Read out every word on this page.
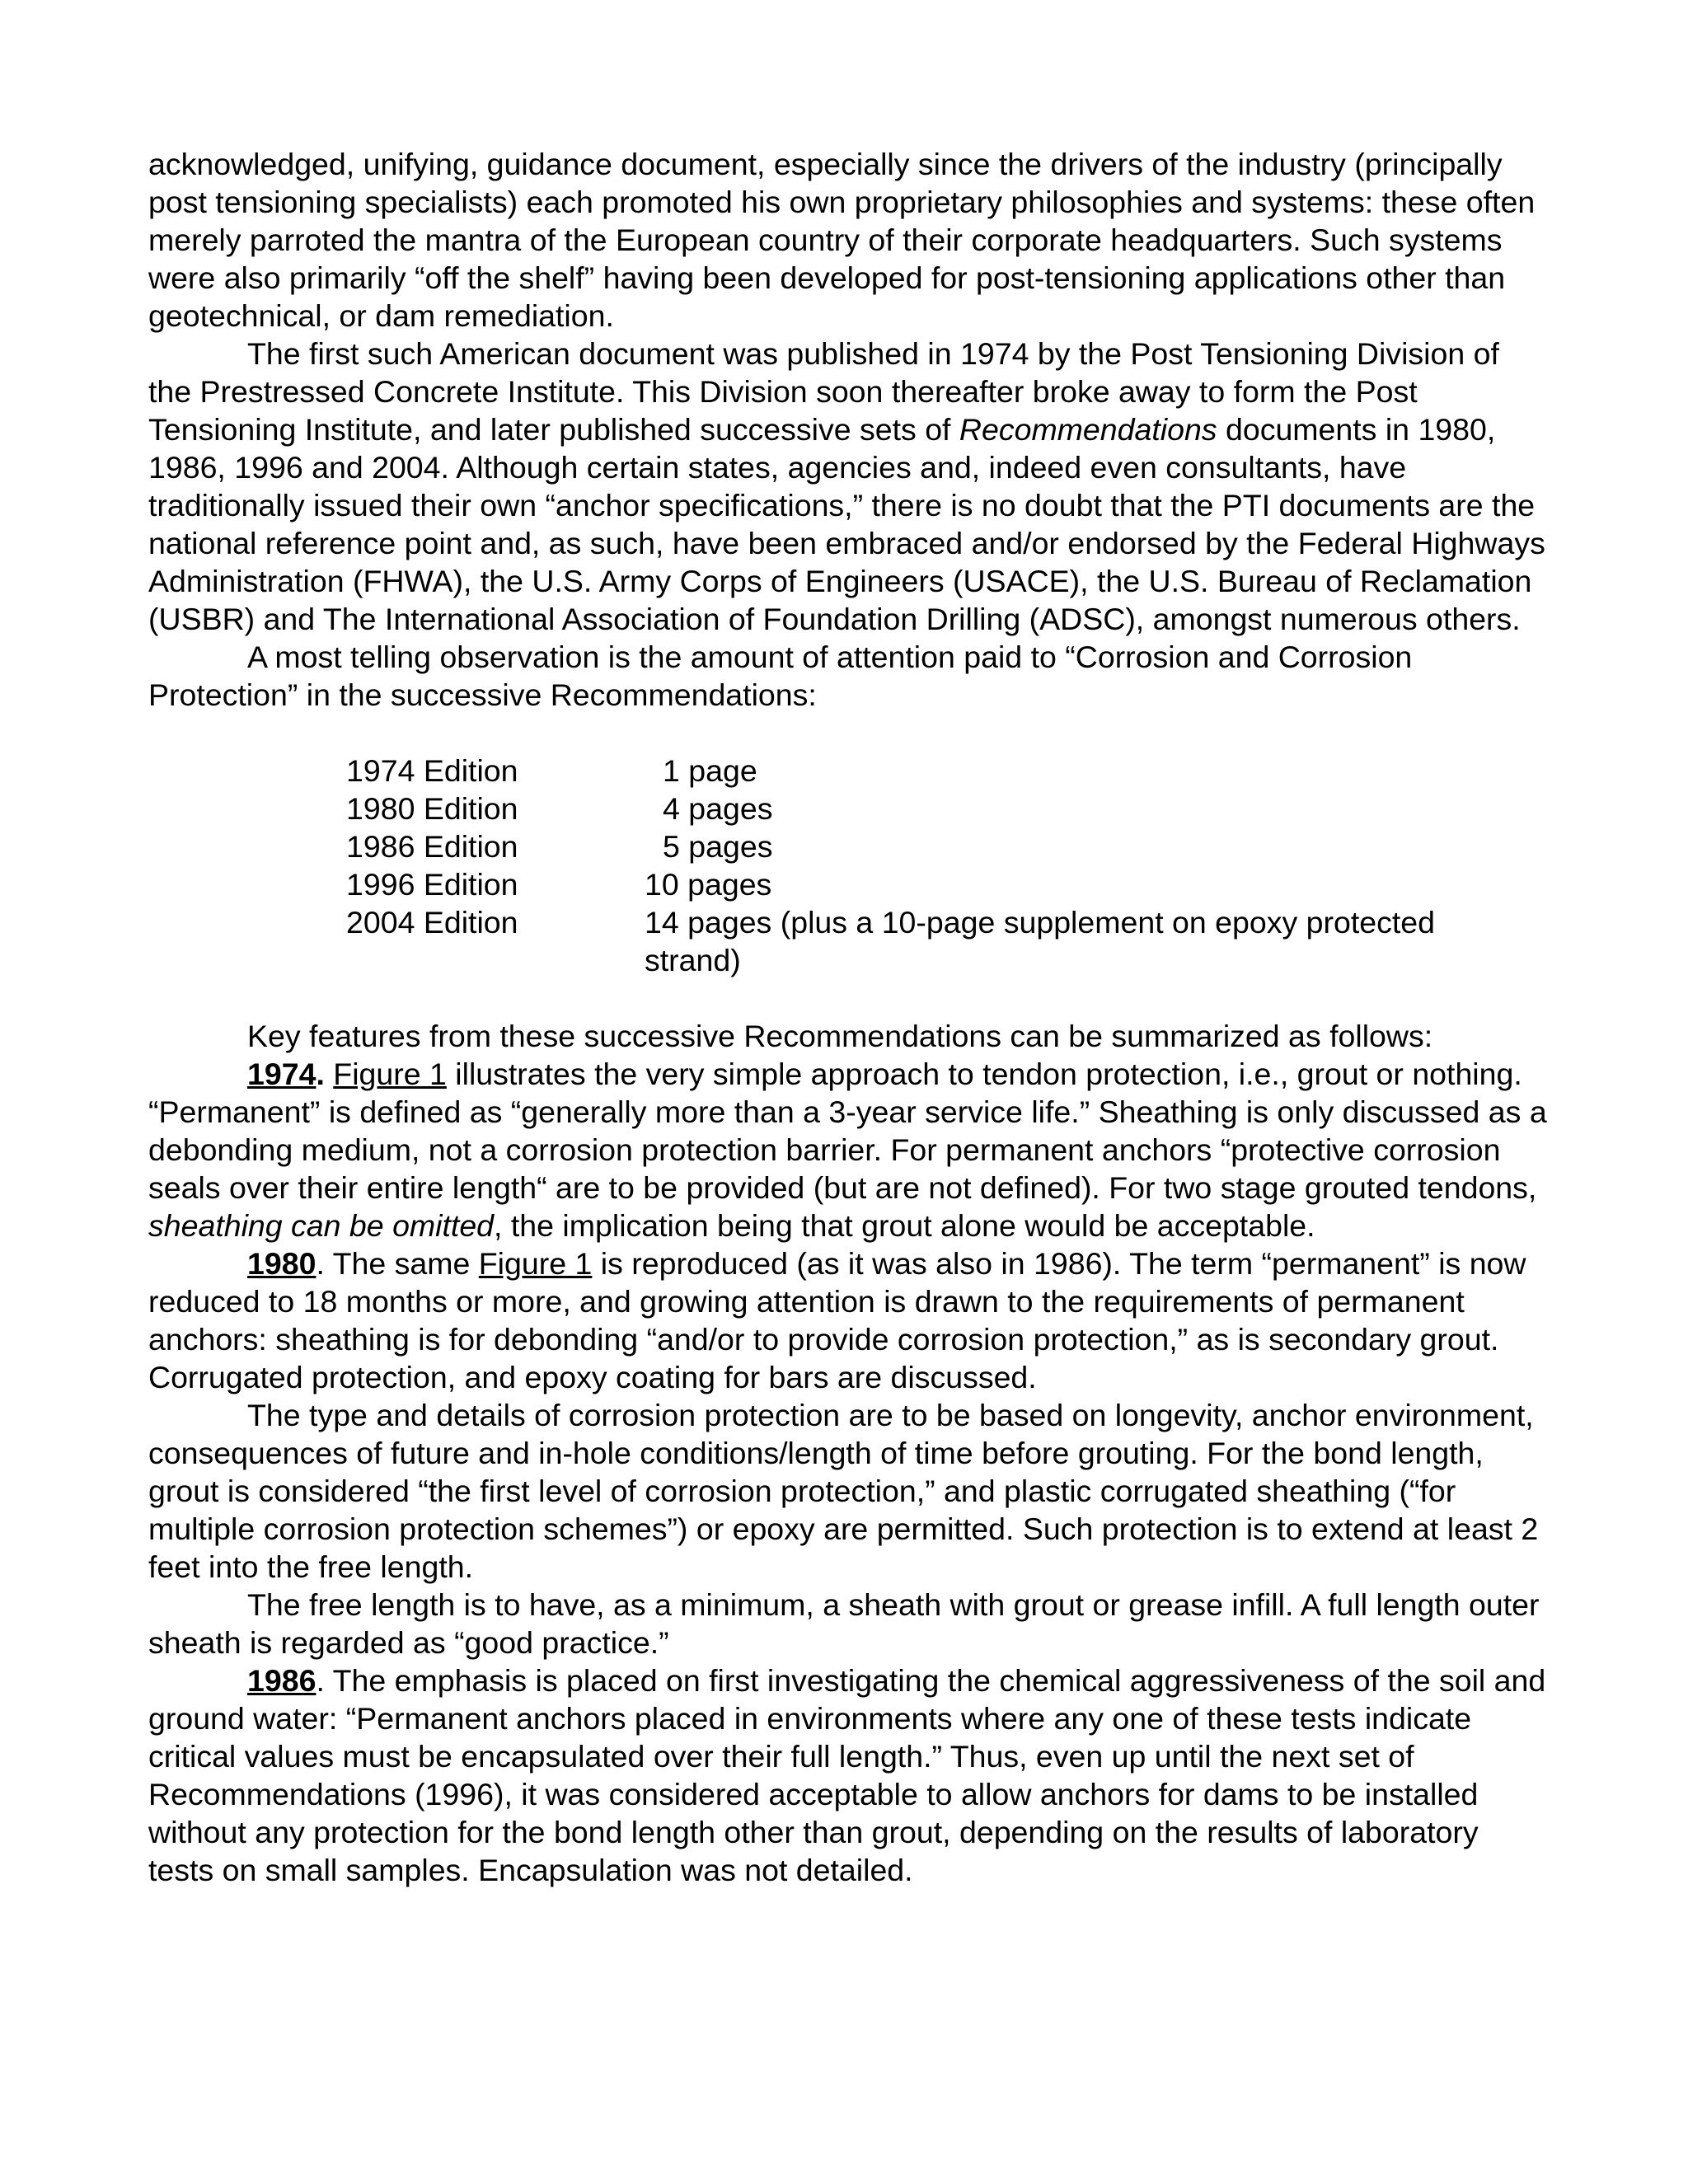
acknowledged, unifying, guidance document, especially since the drivers of the industry (principally post tensioning specialists) each promoted his own proprietary philosophies and systems: these often merely parroted the mantra of the European country of their corporate headquarters. Such systems were also primarily “off the shelf” having been developed for post-tensioning applications other than geotechnical, or dam remediation.

The first such American document was published in 1974 by the Post Tensioning Division of the Prestressed Concrete Institute. This Division soon thereafter broke away to form the Post Tensioning Institute, and later published successive sets of Recommendations documents in 1980, 1986, 1996 and 2004. Although certain states, agencies and, indeed even consultants, have traditionally issued their own “anchor specifications,” there is no doubt that the PTI documents are the national reference point and, as such, have been embraced and/or endorsed by the Federal Highways Administration (FHWA), the U.S. Army Corps of Engineers (USACE), the U.S. Bureau of Reclamation (USBR) and The International Association of Foundation Drilling (ADSC), amongst numerous others.

A most telling observation is the amount of attention paid to “Corrosion and Corrosion Protection” in the successive Recommendations:

1974 Edition	1 page
1980 Edition	4 pages
1986 Edition	5 pages
1996 Edition	10 pages
2004 Edition	14 pages (plus a 10-page supplement on epoxy protected strand)

Key features from these successive Recommendations can be summarized as follows:

1974. Figure 1 illustrates the very simple approach to tendon protection, i.e., grout or nothing. “Permanent” is defined as “generally more than a 3-year service life.” Sheathing is only discussed as a debonding medium, not a corrosion protection barrier. For permanent anchors “protective corrosion seals over their entire length“ are to be provided (but are not defined). For two stage grouted tendons, sheathing can be omitted, the implication being that grout alone would be acceptable.

1980. The same Figure 1 is reproduced (as it was also in 1986). The term “permanent” is now reduced to 18 months or more, and growing attention is drawn to the requirements of permanent anchors: sheathing is for debonding “and/or to provide corrosion protection,” as is secondary grout. Corrugated protection, and epoxy coating for bars are discussed.

The type and details of corrosion protection are to be based on longevity, anchor environment, consequences of future and in-hole conditions/length of time before grouting. For the bond length, grout is considered “the first level of corrosion protection,” and plastic corrugated sheathing (“for multiple corrosion protection schemes”) or epoxy are permitted. Such protection is to extend at least 2 feet into the free length.

The free length is to have, as a minimum, a sheath with grout or grease infill. A full length outer sheath is regarded as “good practice.”

1986. The emphasis is placed on first investigating the chemical aggressiveness of the soil and ground water: “Permanent anchors placed in environments where any one of these tests indicate critical values must be encapsulated over their full length.” Thus, even up until the next set of Recommendations (1996), it was considered acceptable to allow anchors for dams to be installed without any protection for the bond length other than grout, depending on the results of laboratory tests on small samples. Encapsulation was not detailed.
